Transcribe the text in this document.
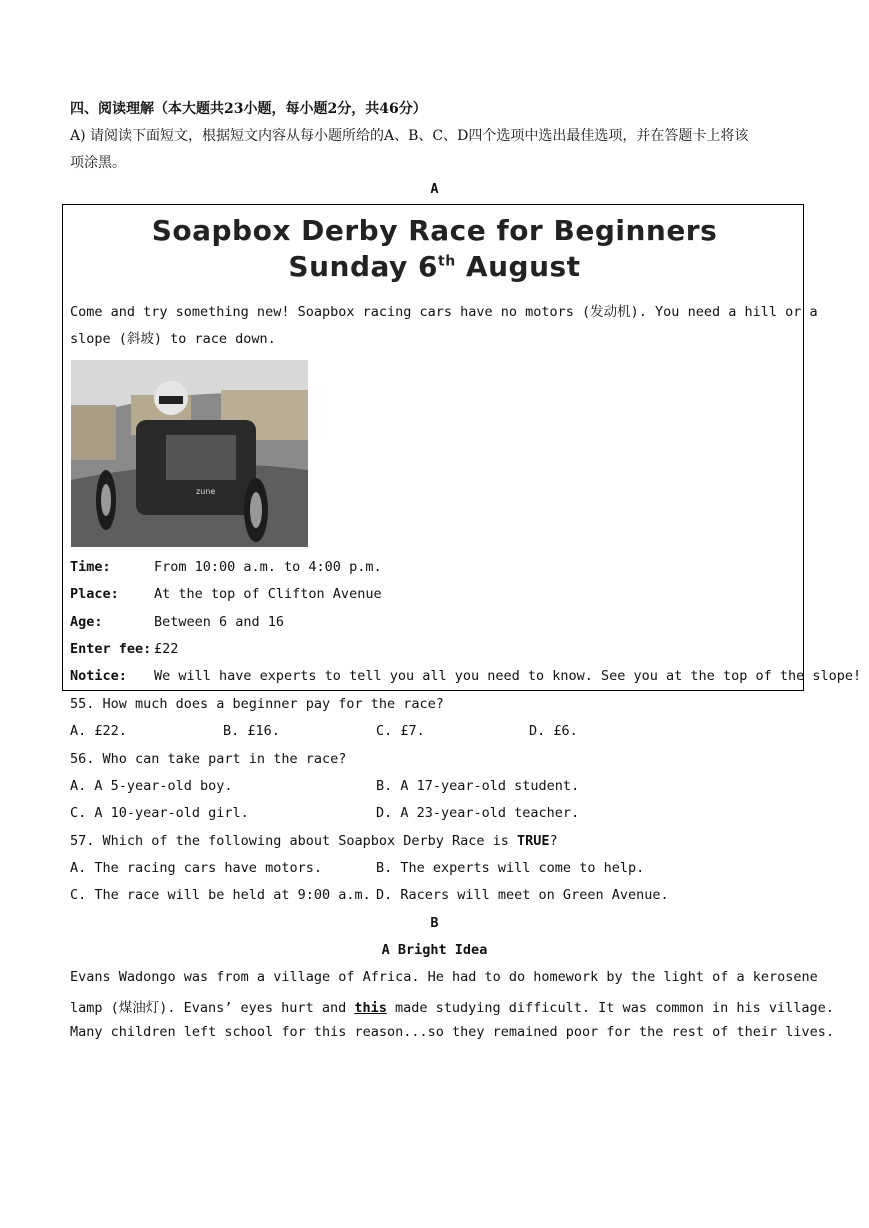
四、阅读理解（本大题共23小题，每小题2分，共46分）
A) 请阅读下面短文，根据短文内容从每小题所给的A、B、C、D四个选项中选出最佳选项，并在答题卡上将该
项涂黑。
A
Soapbox Derby Race for Beginners
Sunday 6th August
Come and try something new! Soapbox racing cars have no motors (发动机). You need a hill or a
slope (斜坡) to race down.
zune
Time:	From 10:00 a.m. to 4:00 p.m.
Place:	At the top of Clifton Avenue
Age:	Between 6 and 16
Enter fee: £22
Notice: We will have experts to tell you all you need to know. See you at the top of the slope!
55. How much does a beginner pay for the race?
A. £22.	B. £16.	C. £7.	D. £6.
56. Who can take part in the race?
A. A 5-year-old boy.	B. A 17-year-old student.
C. A 10-year-old girl.	D. A 23-year-old teacher.
57. Which of the following about Soapbox Derby Race is TRUE?
A. The racing cars have motors.	B. The experts will come to help.
C. The race will be held at 9:00 a.m. D. Racers will meet on Green Avenue.
B
A Bright Idea
Evans Wadongo was from a village of Africa. He had to do homework by the light of a kerosene
lamp (煤油灯). Evans’ eyes hurt and this made studying difficult. It was common in his village.
Many children left school for this reason...so they remained poor for the rest of their lives.
